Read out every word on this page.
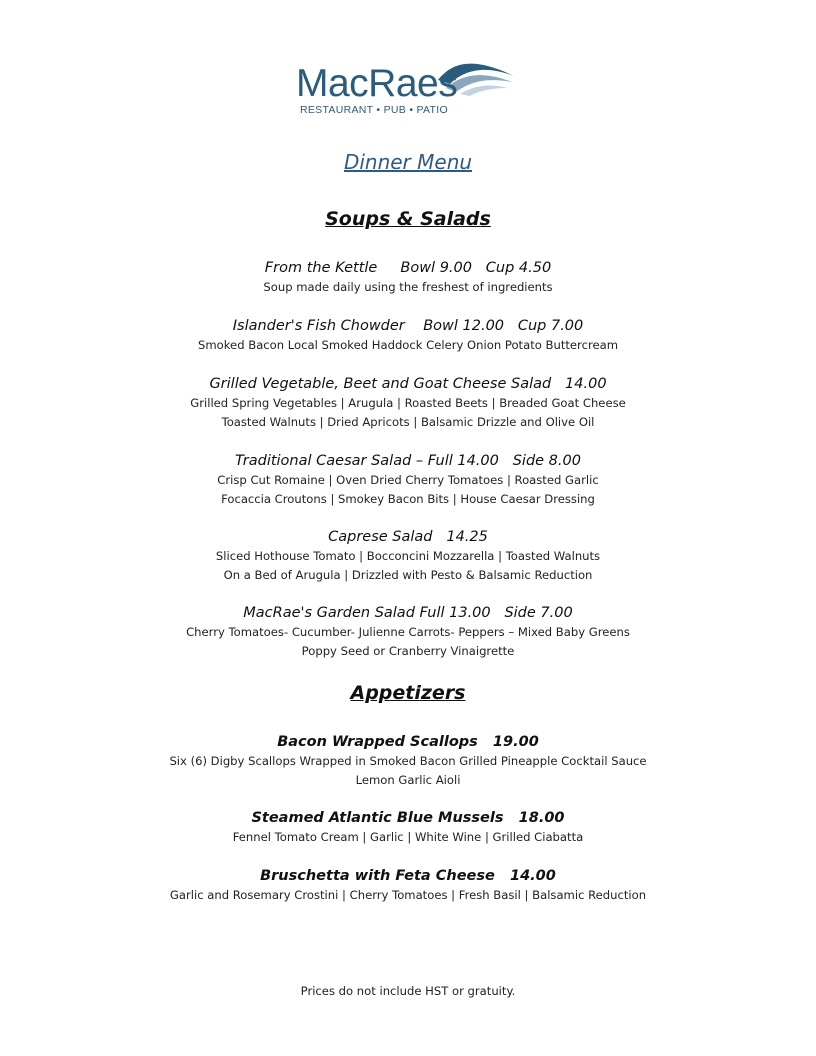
MacRaes
RESTAURANT • PUB • PATIO
Dinner Menu
Soups & Salads
From the Kettle     Bowl 9.00   Cup 4.50
Soup made daily using the freshest of ingredients
Islander's Fish Chowder    Bowl 12.00   Cup 7.00
Smoked Bacon Local Smoked Haddock Celery Onion Potato Buttercream
Grilled Vegetable, Beet and Goat Cheese Salad   14.00
Grilled Spring Vegetables | Arugula | Roasted Beets | Breaded Goat Cheese
Toasted Walnuts | Dried Apricots | Balsamic Drizzle and Olive Oil
Traditional Caesar Salad – Full 14.00   Side 8.00
Crisp Cut Romaine | Oven Dried Cherry Tomatoes | Roasted Garlic
Focaccia Croutons | Smokey Bacon Bits | House Caesar Dressing
Caprese Salad   14.25
Sliced Hothouse Tomato | Bocconcini Mozzarella | Toasted Walnuts
On a Bed of Arugula | Drizzled with Pesto & Balsamic Reduction
MacRae's Garden Salad Full 13.00   Side 7.00
Cherry Tomatoes- Cucumber- Julienne Carrots- Peppers – Mixed Baby Greens
Poppy Seed or Cranberry Vinaigrette
Appetizers
Bacon Wrapped Scallops   19.00
Six (6) Digby Scallops Wrapped in Smoked Bacon Grilled Pineapple Cocktail Sauce
Lemon Garlic Aioli
Steamed Atlantic Blue Mussels   18.00
Fennel Tomato Cream | Garlic | White Wine | Grilled Ciabatta
Bruschetta with Feta Cheese   14.00
Garlic and Rosemary Crostini | Cherry Tomatoes | Fresh Basil | Balsamic Reduction
Prices do not include HST or gratuity.
